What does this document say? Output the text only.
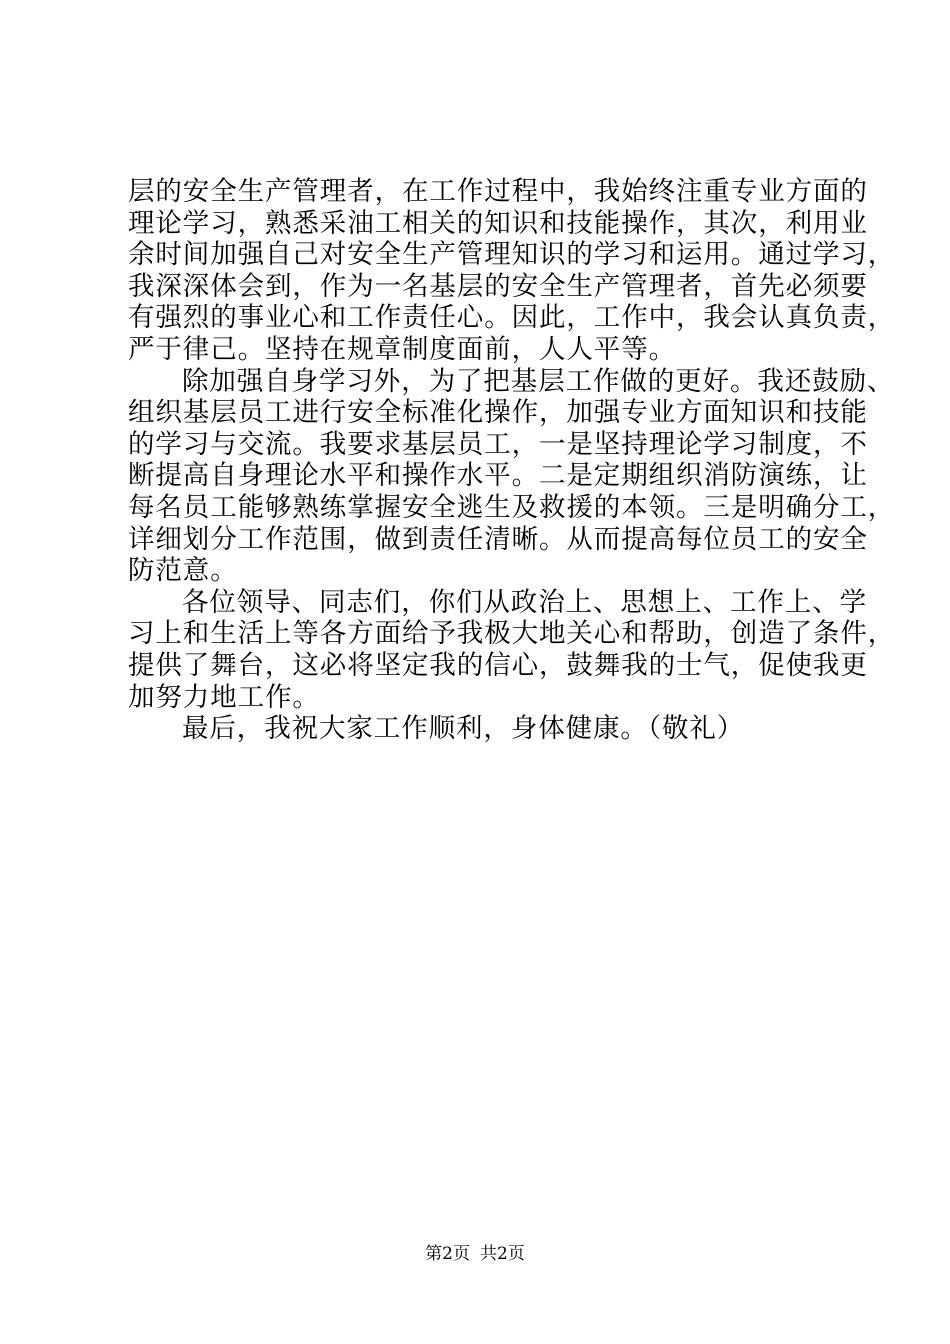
层的安全生产管理者，在工作过程中，我始终注重专业方面的
理论学习，熟悉采油工相关的知识和技能操作，其次，利用业
余时间加强自己对安全生产管理知识的学习和运用。通过学习，
我深深体会到，作为一名基层的安全生产管理者，首先必须要
有强烈的事业心和工作责任心。因此，工作中，我会认真负责，
严于律己。坚持在规章制度面前，人人平等。
除加强自身学习外，为了把基层工作做的更好。我还鼓励、
组织基层员工进行安全标准化操作，加强专业方面知识和技能
的学习与交流。我要求基层员工，一是坚持理论学习制度，不
断提高自身理论水平和操作水平。二是定期组织消防演练，让
每名员工能够熟练掌握安全逃生及救援的本领。三是明确分工，
详细划分工作范围，做到责任清晰。从而提高每位员工的安全
防范意。
各位领导、同志们，你们从政治上、思想上、工作上、学
习上和生活上等各方面给予我极大地关心和帮助，创造了条件，
提供了舞台，这必将坚定我的信心，鼓舞我的士气，促使我更
加努力地工作。
最后，我祝大家工作顺利，身体健康。（敬礼）
第2页 共2页
